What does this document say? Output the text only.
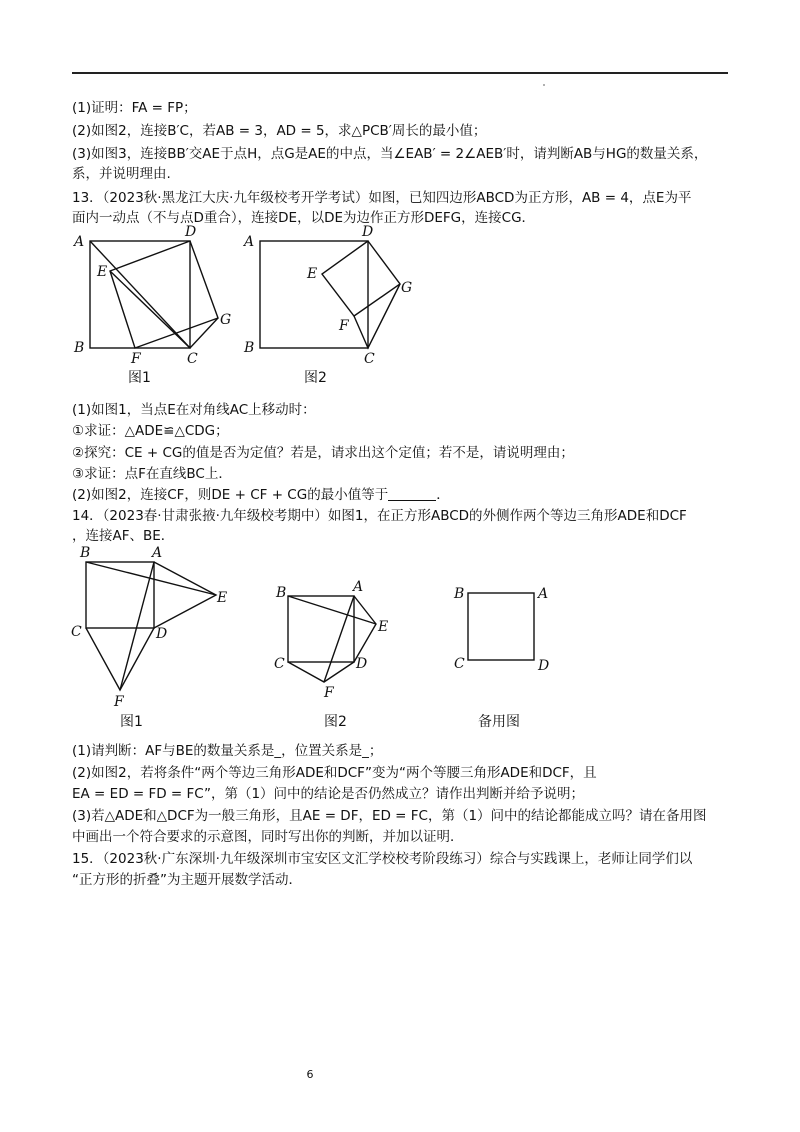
(1)证明：FA = FP；
(2)如图2，连接B′C，若AB = 3，AD = 5，求△PCB′周长的最小值；
(3)如图3，连接BB′交AE于点H，点G是AE的中点，当∠EAB′ = 2∠AEB′时，请判断AB与HG的数量关系，
系，并说明理由.
13．（2023秋·黑龙江大庆·九年级校考开学考试）如图，已知四边形ABCD为正方形，AB = 4，点E为平
面内一动点（不与点D重合），连接DE，以DE为边作正方形DEFG，连接CG．
A
D
E
G
B
F	C
图1
A
D
E
G
F
B
C
图2
(1)如图1，当点E在对角线AC上移动时：
①求证：△ADE≌△CDG；
②探究：CE + CG的值是否为定值？若是，请求出这个定值；若不是，请说明理由；
③求证：点F在直线BC上．
(2)如图2，连接CF，则DE + CF + CG的最小值等于	．
14．（2023春·甘肃张掖·九年级校考期中）如图1，在正方形ABCD的外侧作两个等边三角形ADE和DCF
，连接AF、BE．
B	A
E
C	D
F
图1
B	A
E
C	D
F
图2
B	A
C	D
备用图
(1)请判断：AF与BE的数量关系是_，位置关系是_；
(2)如图2，若将条件“两个等边三角形ADE和DCF”变为“两个等腰三角形ADE和DCF，且
EA = ED = FD = FC”，第（1）问中的结论是否仍然成立？请作出判断并给予说明；
(3)若△ADE和△DCF为一般三角形，且AE = DF，ED = FC，第（1）问中的结论都能成立吗？请在备用图
中画出一个符合要求的示意图，同时写出你的判断，并加以证明．
15．（2023秋·广东深圳·九年级深圳市宝安区文汇学校校考阶段练习）综合与实践课上，老师让同学们以
“正方形的折叠”为主题开展数学活动．
6
